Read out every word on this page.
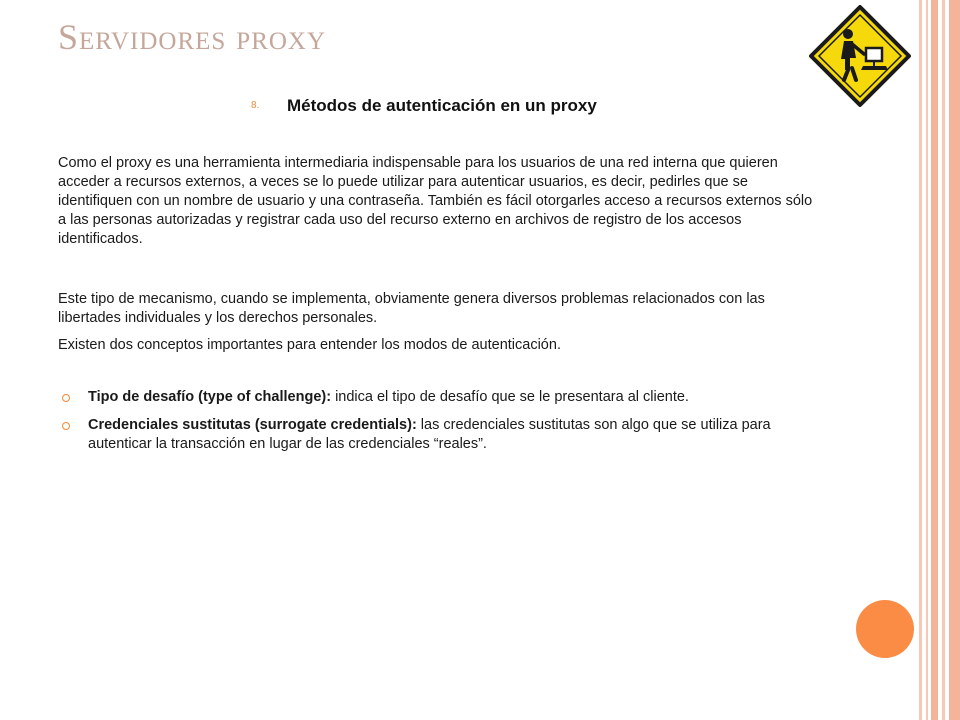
Servidores proxy
8. Métodos de autenticación en un proxy
Como el proxy es una herramienta intermediaria indispensable para los usuarios de una red interna que quieren acceder a recursos externos, a veces se lo puede utilizar para autenticar usuarios, es decir, pedirles que se identifiquen con un nombre de usuario y una contraseña. También es fácil otorgarles acceso a recursos externos sólo a las personas autorizadas y registrar cada uso del recurso externo en archivos de registro de los accesos identificados.
Este tipo de mecanismo, cuando se implementa, obviamente genera diversos problemas relacionados con las libertades individuales y los derechos personales.
Existen dos conceptos importantes para entender los modos de autenticación.
Tipo de desafío (type of challenge): indica el tipo de desafío que se le presentara al cliente.
Credenciales sustitutas (surrogate credentials): las credenciales sustitutas son algo que se utiliza para autenticar la transacción en lugar de las credenciales “reales”.
